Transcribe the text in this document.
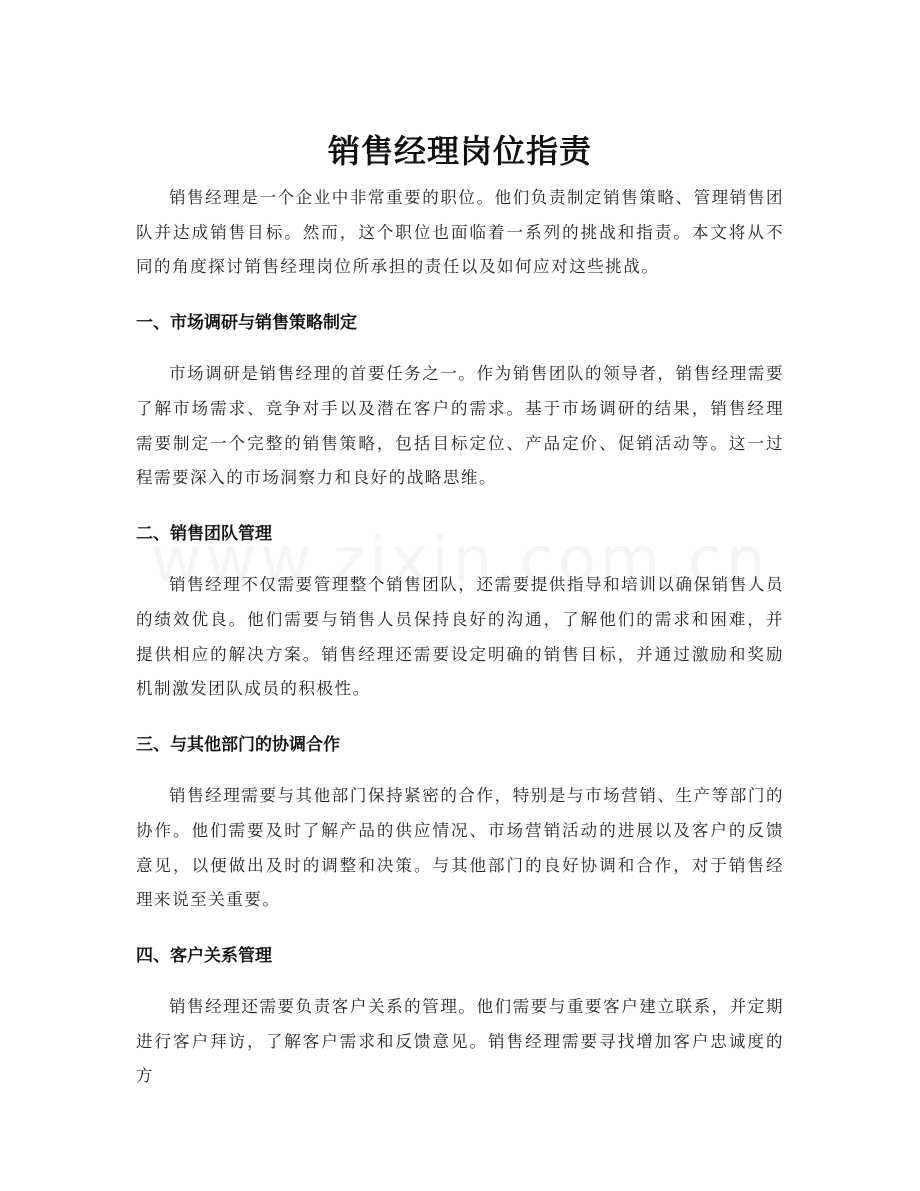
销售经理岗位指责

销售经理是一个企业中非常重要的职位。他们负责制定销售策略、管理销售团队并达成销售目标。然而，这个职位也面临着一系列的挑战和指责。本文将从不同的角度探讨销售经理岗位所承担的责任以及如何应对这些挑战。

一、市场调研与销售策略制定

市场调研是销售经理的首要任务之一。作为销售团队的领导者，销售经理需要了解市场需求、竞争对手以及潜在客户的需求。基于市场调研的结果，销售经理需要制定一个完整的销售策略，包括目标定位、产品定价、促销活动等。这一过程需要深入的市场洞察力和良好的战略思维。

二、销售团队管理

销售经理不仅需要管理整个销售团队，还需要提供指导和培训以确保销售人员的绩效优良。他们需要与销售人员保持良好的沟通，了解他们的需求和困难，并提供相应的解决方案。销售经理还需要设定明确的销售目标，并通过激励和奖励机制激发团队成员的积极性。

三、与其他部门的协调合作

销售经理需要与其他部门保持紧密的合作，特别是与市场营销、生产等部门的协作。他们需要及时了解产品的供应情况、市场营销活动的进展以及客户的反馈意见，以便做出及时的调整和决策。与其他部门的良好协调和合作，对于销售经理来说至关重要。

四、客户关系管理

销售经理还需要负责客户关系的管理。他们需要与重要客户建立联系，并定期进行客户拜访，了解客户需求和反馈意见。销售经理需要寻找增加客户忠诚度的方
